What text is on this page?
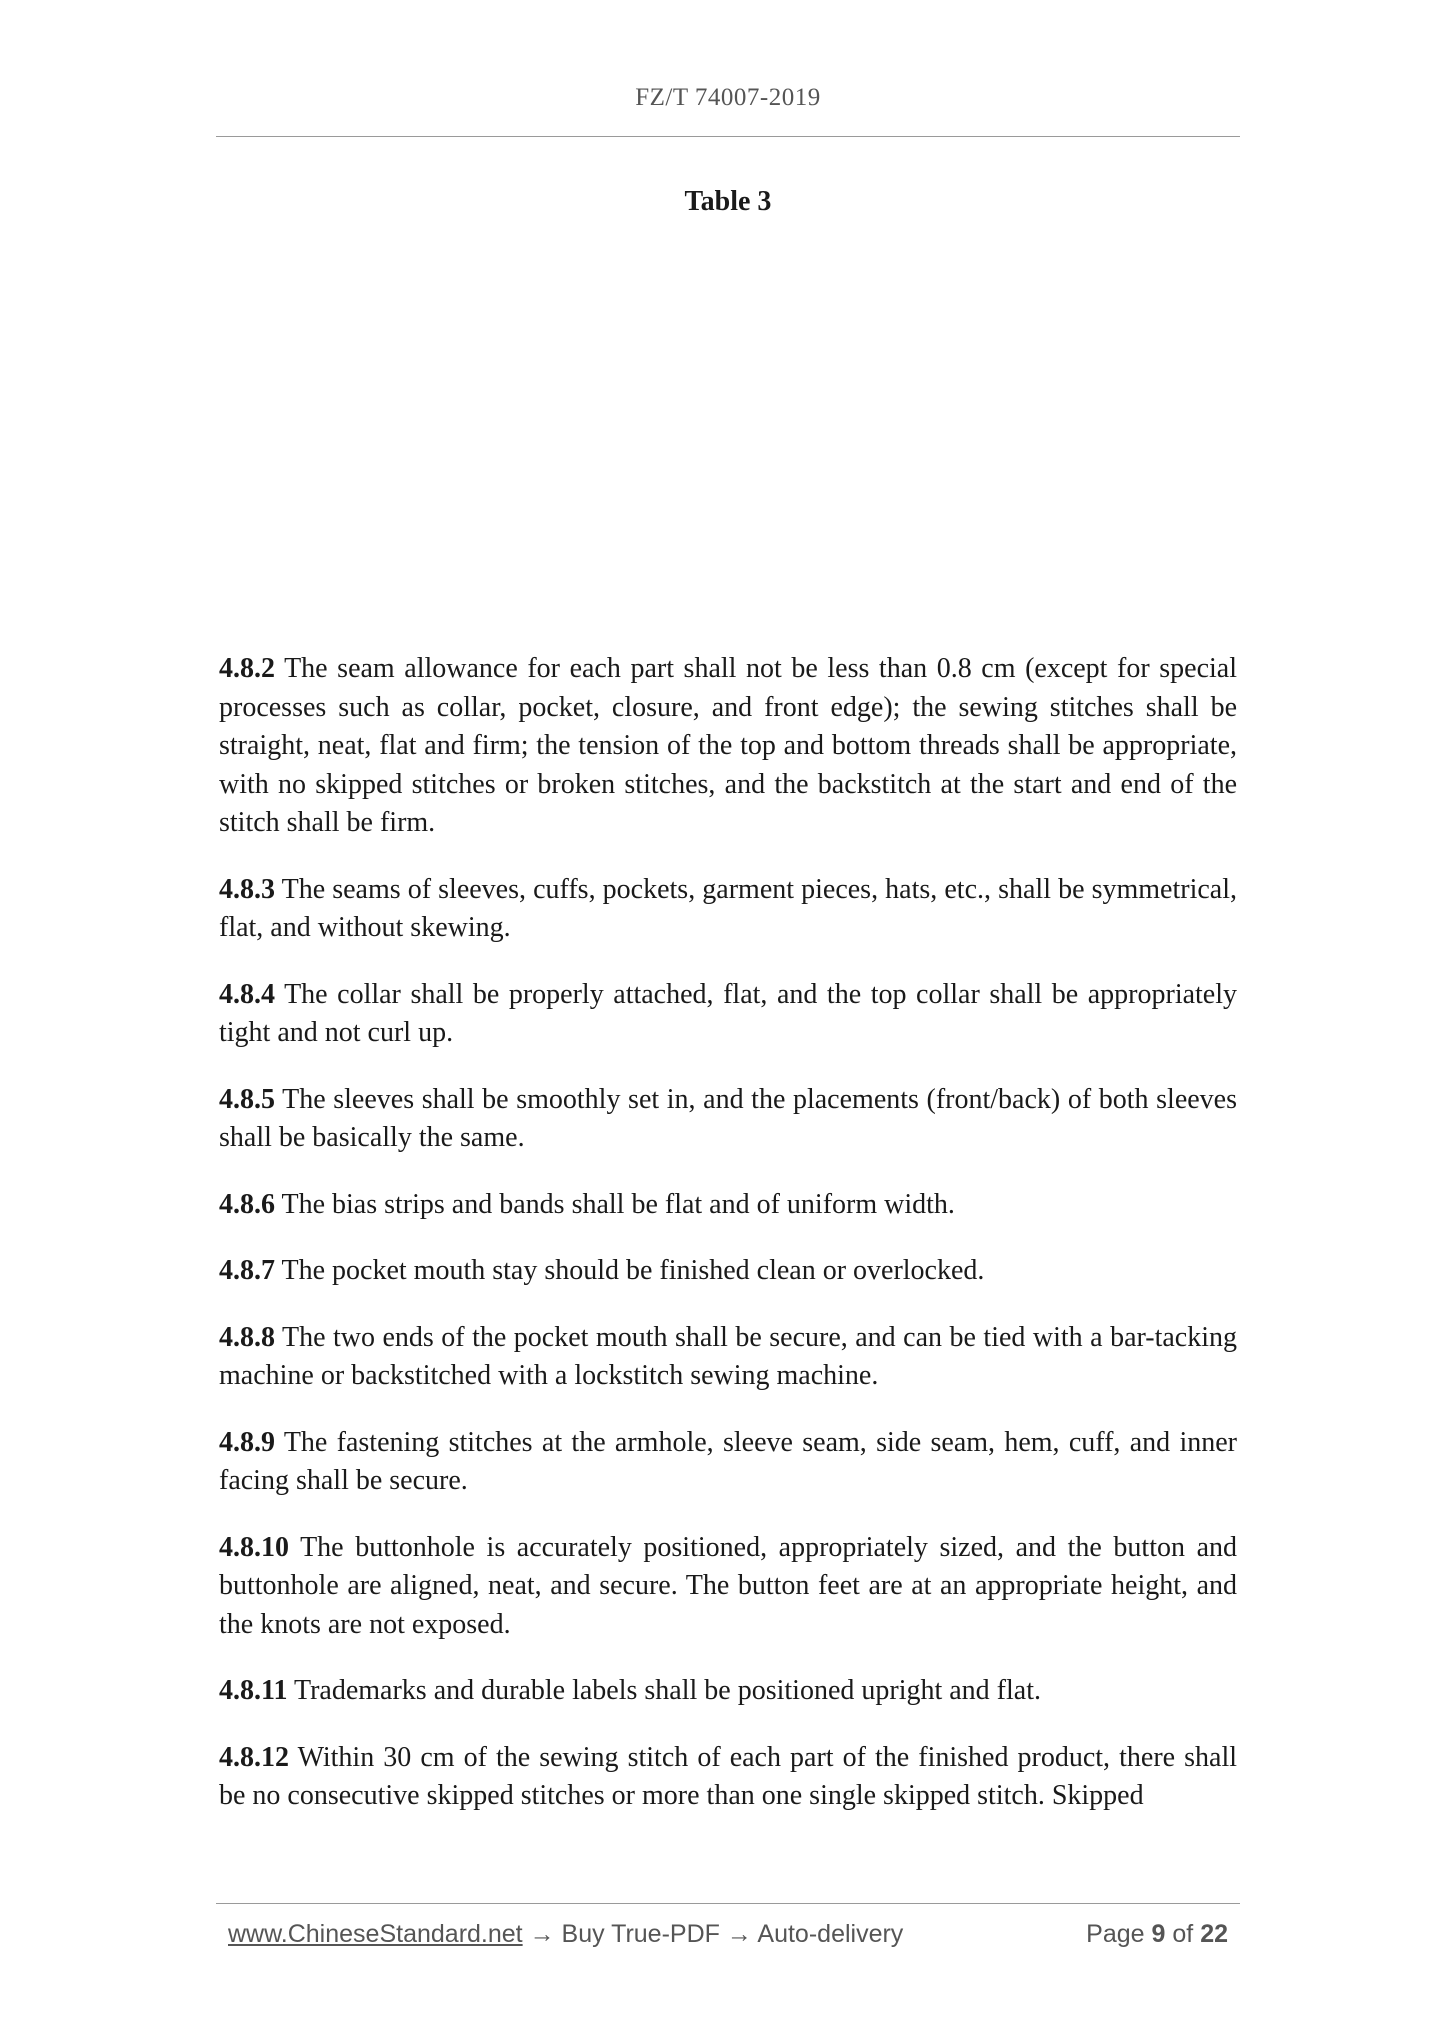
FZ/T 74007-2019
Table 3

4.8.2 The seam allowance for each part shall not be less than 0.8 cm (except for special processes such as collar, pocket, closure, and front edge); the sewing stitches shall be straight, neat, flat and firm; the tension of the top and bottom threads shall be appropriate, with no skipped stitches or broken stitches, and the backstitch at the start and end of the stitch shall be firm.

4.8.3 The seams of sleeves, cuffs, pockets, garment pieces, hats, etc., shall be symmetrical, flat, and without skewing.

4.8.4 The collar shall be properly attached, flat, and the top collar shall be appropriately tight and not curl up.

4.8.5 The sleeves shall be smoothly set in, and the placements (front/back) of both sleeves shall be basically the same.

4.8.6 The bias strips and bands shall be flat and of uniform width.

4.8.7 The pocket mouth stay should be finished clean or overlocked.

4.8.8 The two ends of the pocket mouth shall be secure, and can be tied with a bar-tacking machine or backstitched with a lockstitch sewing machine.

4.8.9 The fastening stitches at the armhole, sleeve seam, side seam, hem, cuff, and inner facing shall be secure.

4.8.10 The buttonhole is accurately positioned, appropriately sized, and the button and buttonhole are aligned, neat, and secure. The button feet are at an appropriate height, and the knots are not exposed.

4.8.11 Trademarks and durable labels shall be positioned upright and flat.

4.8.12 Within 30 cm of the sewing stitch of each part of the finished product, there shall be no consecutive skipped stitches or more than one single skipped stitch. Skipped

www.ChineseStandard.net → Buy True-PDF → Auto-delivery	Page 9 of 22
